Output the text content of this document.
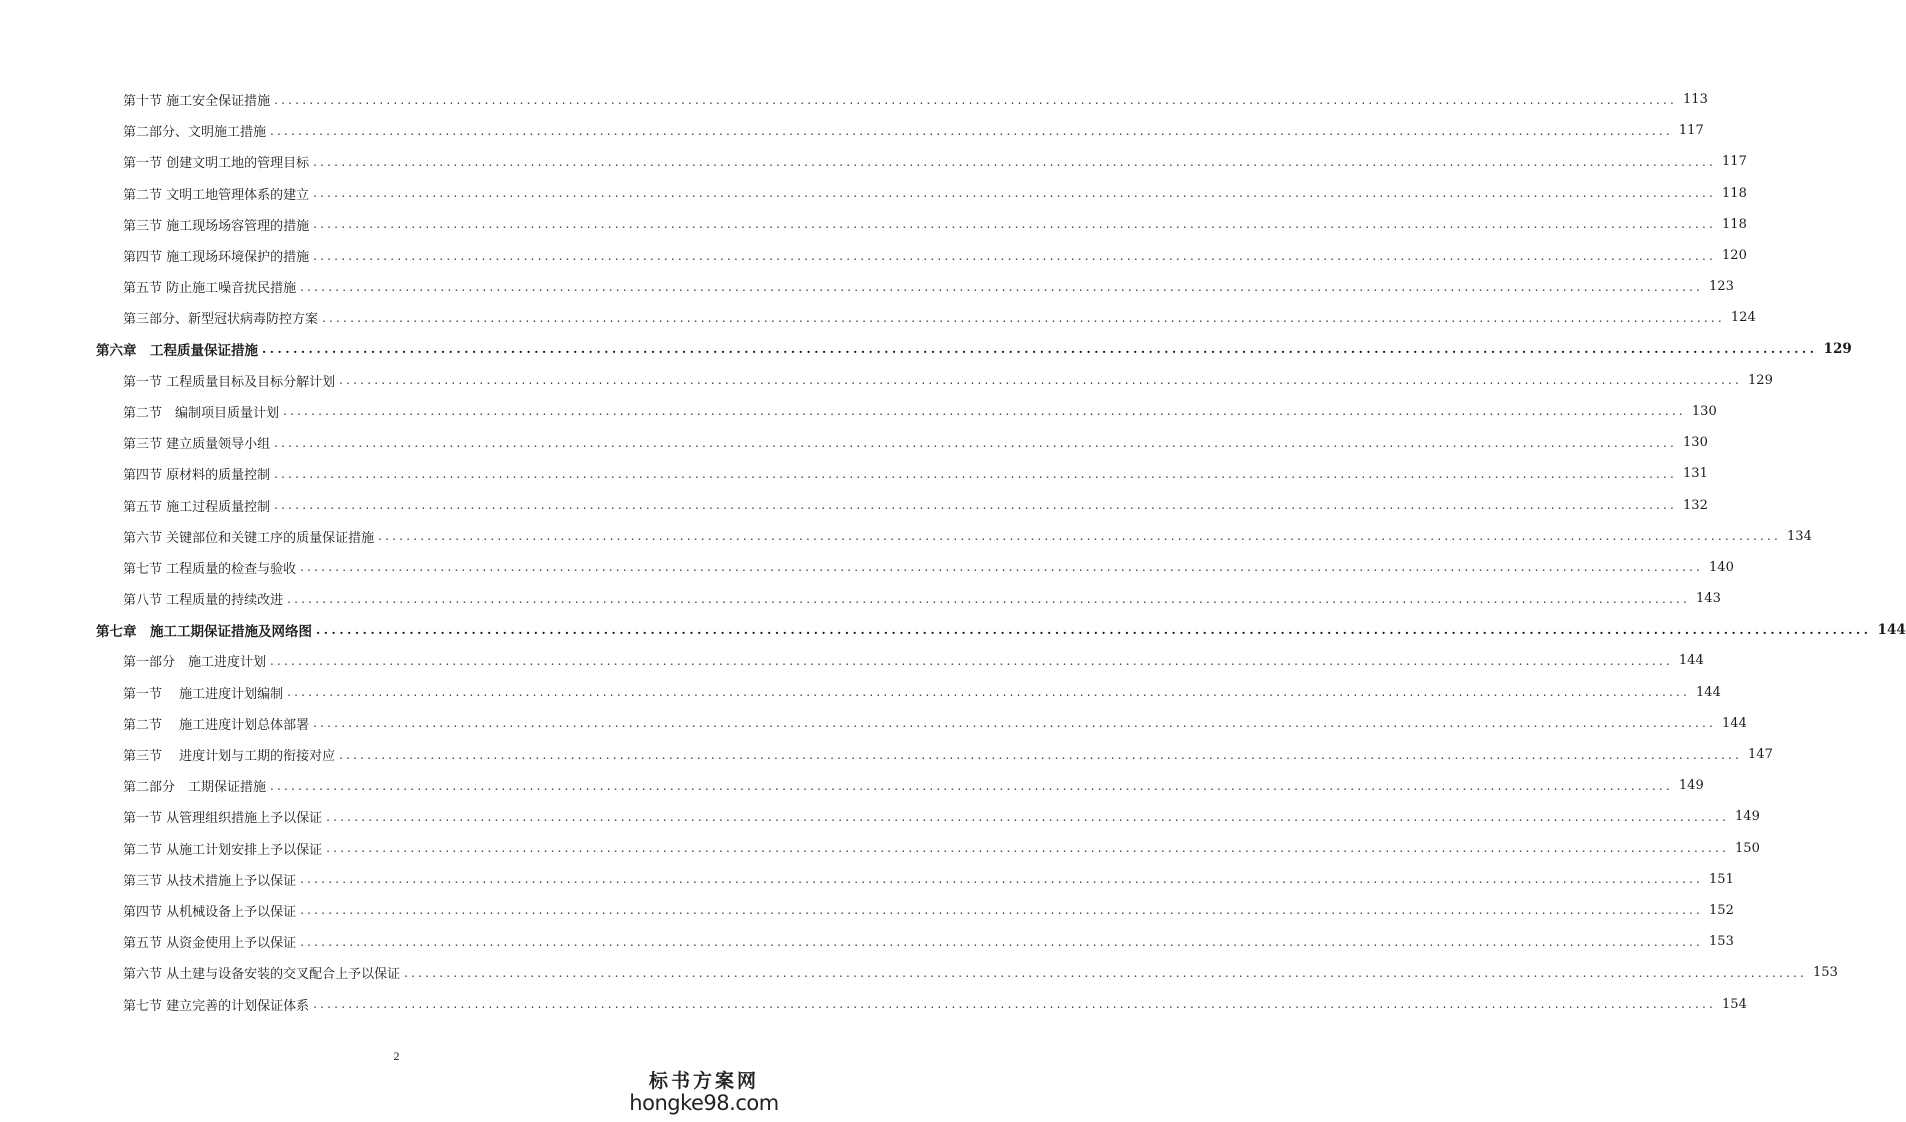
第十节 施工安全保证措施 ........................................................................................................................................................................................................ 113
第二部分、文明施工措施 ........................................................................................................................................................................................................ 117
第一节 创建文明工地的管理目标 ........................................................................................................................................................................................................ 117
第二节 文明工地管理体系的建立 ........................................................................................................................................................................................................ 118
第三节 施工现场场容管理的措施 ........................................................................................................................................................................................................ 118
第四节 施工现场环境保护的措施 ........................................................................................................................................................................................................ 120
第五节 防止施工噪音扰民措施 ........................................................................................................................................................................................................ 123
第三部分、新型冠状病毒防控方案 ........................................................................................................................................................................................................ 124
第六章　工程质量保证措施 ........................................................................................................................................................................................................ 129
第一节 工程质量目标及目标分解计划 ........................................................................................................................................................................................................ 129
第二节　编制项目质量计划 ........................................................................................................................................................................................................ 130
第三节 建立质量领导小组 ........................................................................................................................................................................................................ 130
第四节 原材料的质量控制 ........................................................................................................................................................................................................ 131
第五节 施工过程质量控制 ........................................................................................................................................................................................................ 132
第六节 关键部位和关键工序的质量保证措施 ........................................................................................................................................................................................................ 134
第七节 工程质量的检查与验收 ........................................................................................................................................................................................................ 140
第八节 工程质量的持续改进 ........................................................................................................................................................................................................ 143
第七章　施工工期保证措施及网络图 ........................................................................................................................................................................................................ 144
第一部分　施工进度计划 ........................................................................................................................................................................................................ 144
第一节　 施工进度计划编制 ........................................................................................................................................................................................................ 144
第二节　 施工进度计划总体部署 ........................................................................................................................................................................................................ 144
第三节　 进度计划与工期的衔接对应 ........................................................................................................................................................................................................ 147
第二部分　工期保证措施 ........................................................................................................................................................................................................ 149
第一节 从管理组织措施上予以保证 ........................................................................................................................................................................................................ 149
第二节 从施工计划安排上予以保证 ........................................................................................................................................................................................................ 150
第三节 从技术措施上予以保证 ........................................................................................................................................................................................................ 151
第四节 从机械设备上予以保证 ........................................................................................................................................................................................................ 152
第五节 从资金使用上予以保证 ........................................................................................................................................................................................................ 153
第六节 从土建与设备安装的交叉配合上予以保证 ........................................................................................................................................................................................................ 153
第七节 建立完善的计划保证体系 ........................................................................................................................................................................................................ 154
2
标书方案网
hongke98.com
